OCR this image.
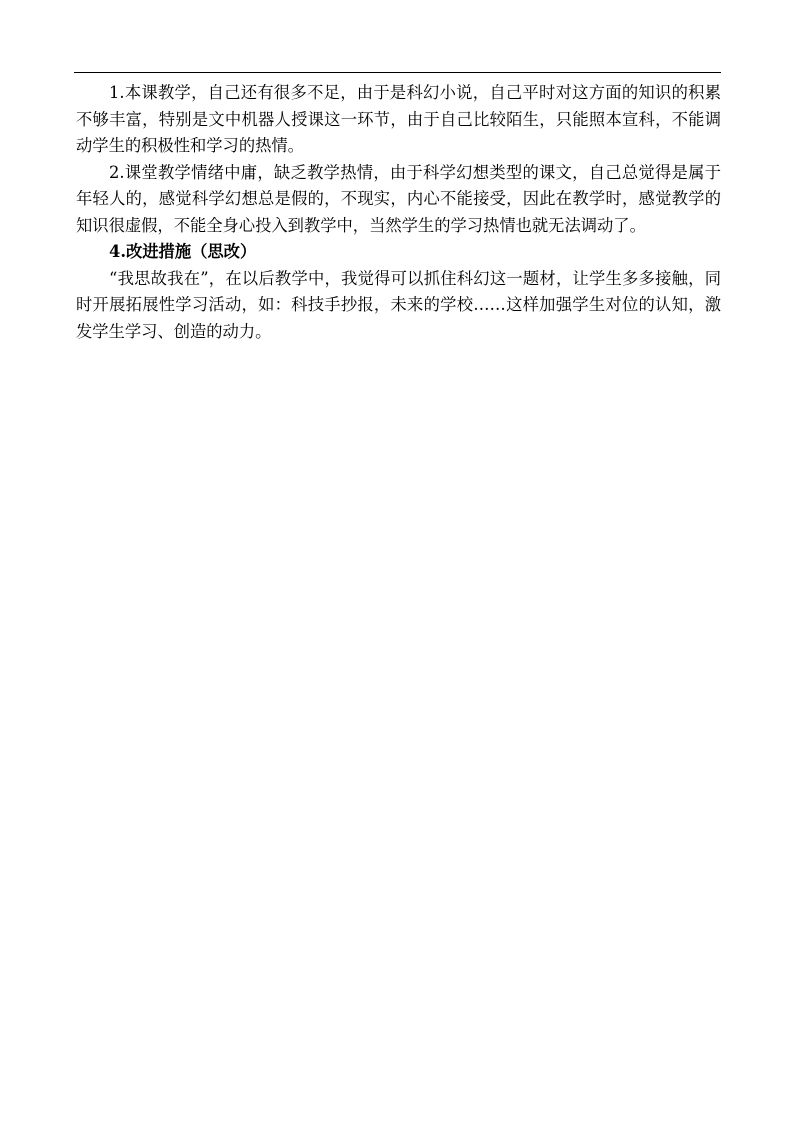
1.本课教学，自己还有很多不足，由于是科幻小说，自己平时对这方面的知识的积累不够丰富，特别是文中机器人授课这一环节，由于自己比较陌生，只能照本宣科，不能调动学生的积极性和学习的热情。

2.课堂教学情绪中庸，缺乏教学热情，由于科学幻想类型的课文，自己总觉得是属于年轻人的，感觉科学幻想总是假的，不现实，内心不能接受，因此在教学时，感觉教学的知识很虚假，不能全身心投入到教学中，当然学生的学习热情也就无法调动了。

4.改进措施（思改）

“我思故我在”，在以后教学中，我觉得可以抓住科幻这一题材，让学生多多接触，同时开展拓展性学习活动，如：科技手抄报，未来的学校……这样加强学生对位的认知，激发学生学习、创造的动力。
